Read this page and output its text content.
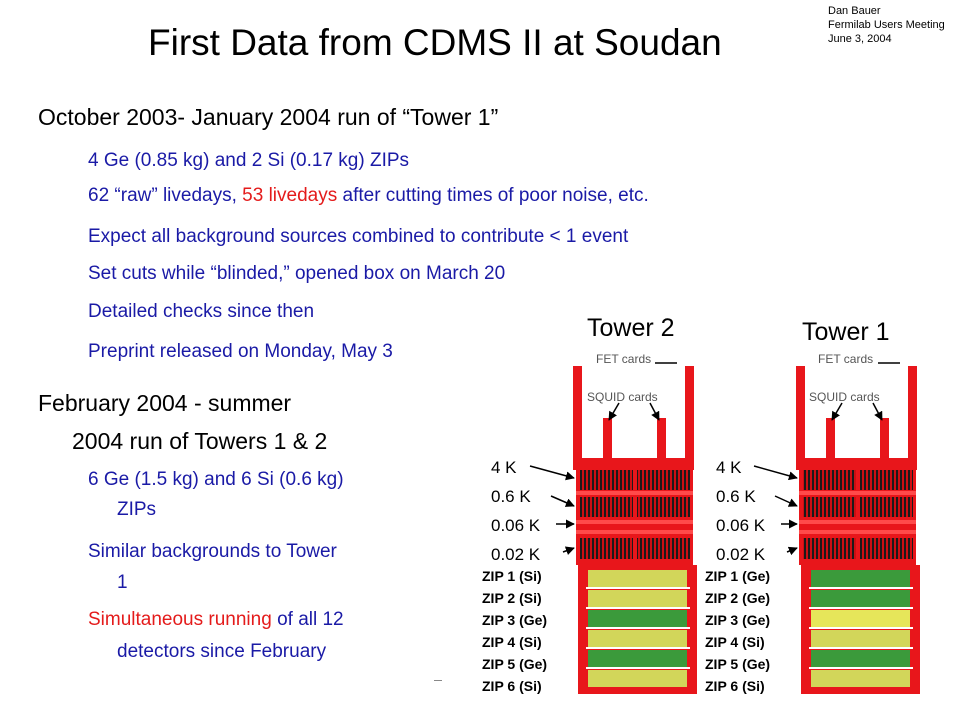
First Data from CDMS II at Soudan
Dan Bauer
Fermilab Users Meeting
June 3, 2004
October 2003- January 2004 run of “Tower 1”
4 Ge (0.85 kg) and 2 Si (0.17 kg) ZIPs
62 “raw” livedays, 53 livedays after cutting times of poor noise, etc.
Expect all background sources combined to contribute < 1 event
Set cuts while “blinded,” opened box on March 20
Detailed checks since then
Preprint released on Monday, May 3
February 2004 - summer
2004 run of Towers 1 & 2
6 Ge (1.5 kg) and 6 Si (0.6 kg)
ZIPs
Similar backgrounds to Tower
1
Simultaneous running of all 12
detectors since February
Tower 2
FET cards
SQUID cards
4 K
0.6 K
0.06 K
0.02 K
ZIP 1 (Si)
ZIP 2 (Si)
ZIP 3 (Ge)
ZIP 4 (Si)
ZIP 5 (Ge)
ZIP 6 (Si)
Tower 1
FET cards
SQUID cards
4 K
0.6 K
0.06 K
0.02 K
ZIP 1 (Ge)
ZIP 2 (Ge)
ZIP 3 (Ge)
ZIP 4 (Si)
ZIP 5 (Ge)
ZIP 6 (Si)
